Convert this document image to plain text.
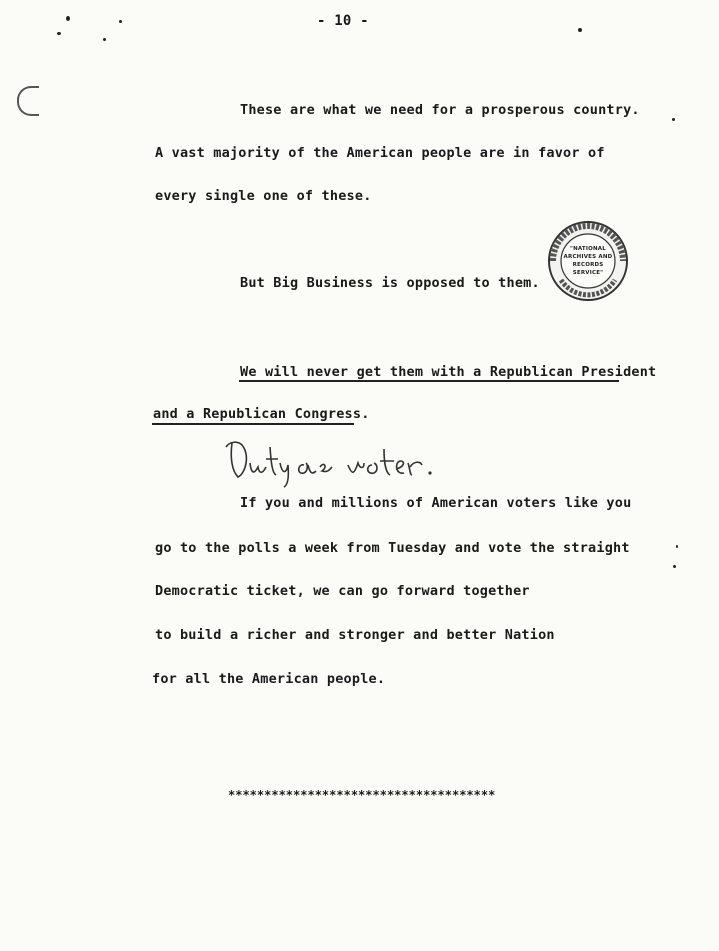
- 10 -
These are what we need for a prosperous country.
A vast majority of the American people are in favor of
every single one of these.
But Big Business is opposed to them.
We will never get them with a Republican President
and a Republican Congress.
If you and millions of American voters like you
go to the polls a week from Tuesday and vote the straight
Democratic ticket, we can go forward together
to build a richer and stronger and better Nation
for all the American people.
*************************************
"NATIONAL
ARCHIVES AND
RECORDS
SERVICE"
